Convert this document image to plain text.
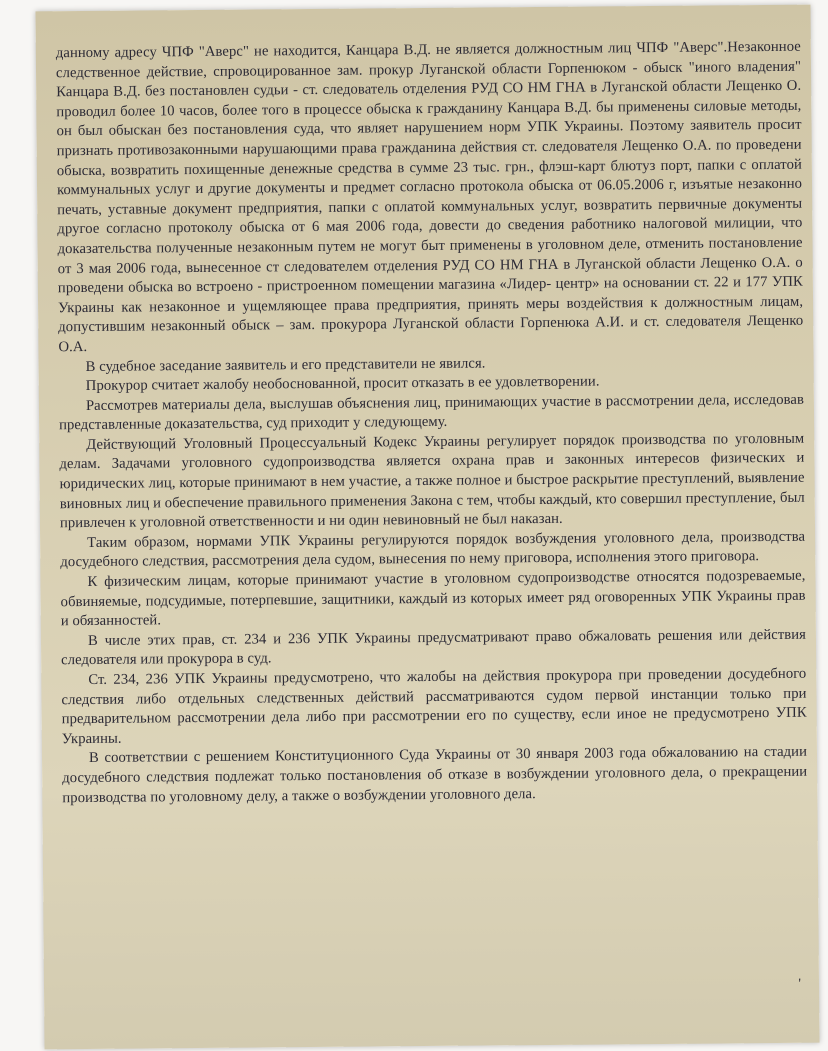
данному адресу ЧПФ "Аверс" не находится, Канцара В.Д. не является должностным лиц ЧПФ "Аверс".Незаконное следственное действие, спровоцированное зам. прокур Луганской области Горпенюком - обыск "иного владения" Канцара В.Д. без постановлен судьи - ст. следователь отделения РУД СО НМ ГНА в Луганской области Лещенко О. проводил более 10 часов, более того в процессе обыска к гражданину Канцара В.Д. бы применены силовые методы, он был обыскан без постановления суда, что являет нарушением норм УПК Украины. Поэтому заявитель просит признать противозаконными нарушающими права гражданина действия ст. следователя Лещенко О.А. по проведени обыска, возвратить похищенные денежные средства в сумме 23 тыс. грн., флэш-карт блютуз порт, папки с оплатой коммунальных услуг и другие документы и предмет согласно протокола обыска от 06.05.2006 г, изъятые незаконно печать, уставные документ предприятия, папки с оплатой коммунальных услуг, возвратить первичные документы другое согласно протоколу обыска от 6 мая 2006 года, довести до сведения работнико налоговой милиции, что доказательства полученные незаконным путем не могут быт применены в уголовном деле, отменить постановление от 3 мая 2006 года, вынесенное ст следователем отделения РУД СО НМ ГНА в Луганской области Лещенко О.А. о проведени обыска во встроено - пристроенном помещении магазина «Лидер- центр» на основании ст. 22 и 177 УПК Украины как незаконное и ущемляющее права предприятия, принять меры воздействия к должностным лицам, допустившим незаконный обыск – зам. прокурора Луганской области Горпенюка А.И. и ст. следователя Лещенко О.А.

В судебное заседание заявитель и его представители не явился.

Прокурор считает жалобу необоснованной, просит отказать в ее удовлетворении.

Рассмотрев материалы дела, выслушав объяснения лиц, принимающих участие в рассмотрении дела, исследовав представленные доказательства, суд приходит у следующему.

Действующий Уголовный Процессуальный Кодекс Украины регулирует порядок производства по уголовным делам. Задачами уголовного судопроизводства является охрана прав и законных интересов физических и юридических лиц, которые принимают в нем участие, а также полное и быстрое раскрытие преступлений, выявление виновных лиц и обеспечение правильного применения Закона с тем, чтобы каждый, кто совершил преступление, был привлечен к уголовной ответственности и ни один невиновный не был наказан.

Таким образом, нормами УПК Украины регулируются порядок возбуждения уголовного дела, производства досудебного следствия, рассмотрения дела судом, вынесения по нему приговора, исполнения этого приговора.

К физическим лицам, которые принимают участие в уголовном судопроизводстве относятся подозреваемые, обвиняемые, подсудимые, потерпевшие, защитники, каждый из которых имеет ряд оговоренных УПК Украины прав и обязанностей.

В числе этих прав, ст. 234 и 236 УПК Украины предусматривают право обжаловать решения или действия следователя или прокурора в суд.

Ст. 234, 236 УПК Украины предусмотрено, что жалобы на действия прокурора при проведении досудебного следствия либо отдельных следственных действий рассматриваются судом первой инстанции только при предварительном рассмотрении дела либо при рассмотрении его по существу, если иное не предусмотрено УПК Украины.

В соответствии с решением Конституционного Суда Украины от 30 января 2003 года обжалованию на стадии досудебного следствия подлежат только постановления об отказе в возбуждении уголовного дела, о прекращении производства по уголовному делу, а также о возбуждении уголовного дела.

'
